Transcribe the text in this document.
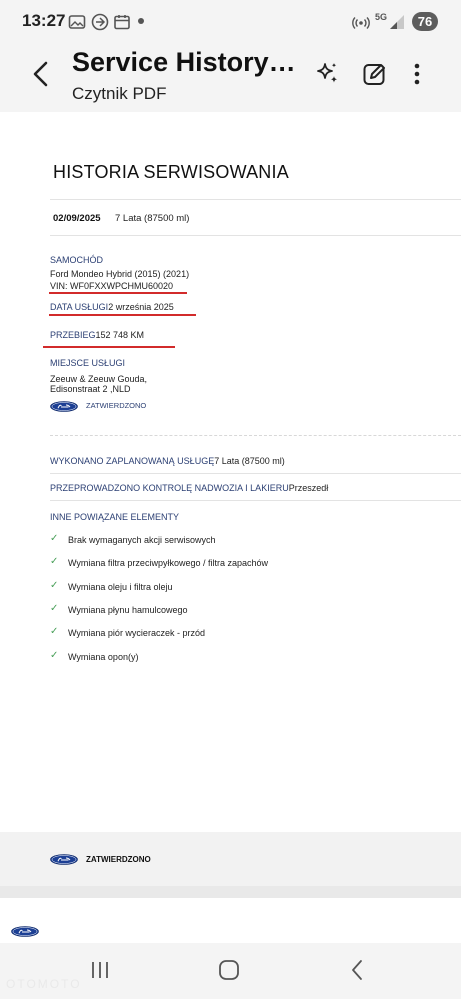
13:27	5G	76
Service History…
Czytnik PDF
HISTORIA SERWISOWANIA
02/09/2025 7 Lata (87500 ml)
SAMOCHÓD
Ford Mondeo Hybrid (2015) (2021)
VIN: WF0FXXWPCHMU60020
DATA USŁUGI2 września 2025
PRZEBIEG152 748 KM
MIEJSCE USŁUGI
Zeeuw & Zeeuw Gouda,
Edisonstraat 2 ,NLD
ZATWIERDZONO
WYKONANO ZAPLANOWANĄ USŁUGĘ7 Lata (87500 ml)
PRZEPROWADZONO KONTROLĘ NADWOZIA I LAKIERUPrzeszedł
INNE POWIĄZANE ELEMENTY
✓ Brak wymaganych akcji serwisowych
✓ Wymiana filtra przeciwpyłkowego / filtra zapachów
✓ Wymiana oleju i filtra oleju
✓ Wymiana płynu hamulcowego
✓ Wymiana piór wycieraczek - przód
✓ Wymiana opon(y)
ZATWIERDZONO
OTOMOTO
